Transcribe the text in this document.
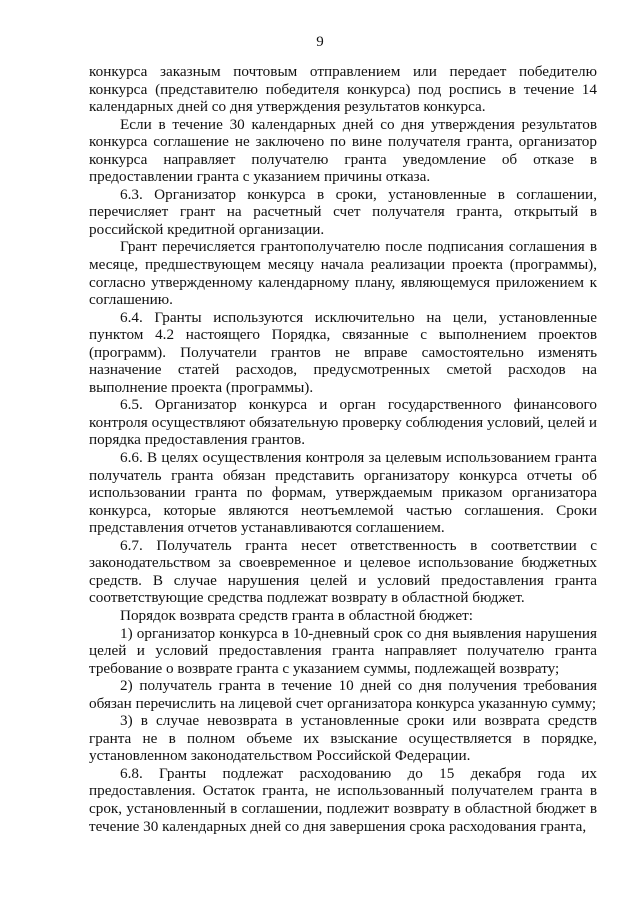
9

конкурса заказным почтовым отправлением или передает победителю конкурса (представителю победителя конкурса) под роспись в течение 14 календарных дней со дня утверждения результатов конкурса.

Если в течение 30 календарных дней со дня утверждения результатов конкурса соглашение не заключено по вине получателя гранта, организатор конкурса направляет получателю гранта уведомление об отказе в предоставлении гранта с указанием причины отказа.

6.3. Организатор конкурса в сроки, установленные в соглашении, перечисляет грант на расчетный счет получателя гранта, открытый в российской кредитной организации.

Грант перечисляется грантополучателю после подписания соглашения в месяце, предшествующем месяцу начала реализации проекта (программы), согласно утвержденному календарному плану, являющемуся приложением к соглашению.

6.4. Гранты используются исключительно на цели, установленные пунктом 4.2 настоящего Порядка, связанные с выполнением проектов (программ). Получатели грантов не вправе самостоятельно изменять назначение статей расходов, предусмотренных сметой расходов на выполнение проекта (программы).

6.5. Организатор конкурса и орган государственного финансового контроля осуществляют обязательную проверку соблюдения условий, целей и порядка предоставления грантов.

6.6. В целях осуществления контроля за целевым использованием гранта получатель гранта обязан представить организатору конкурса отчеты об использовании гранта по формам, утверждаемым приказом организатора конкурса, которые являются неотъемлемой частью соглашения. Сроки представления отчетов устанавливаются соглашением.

6.7. Получатель гранта несет ответственность в соответствии с законодательством за своевременное и целевое использование бюджетных средств. В случае нарушения целей и условий предоставления гранта соответствующие средства подлежат возврату в областной бюджет.

Порядок возврата средств гранта в областной бюджет:

1) организатор конкурса в 10-дневный срок со дня выявления нарушения целей и условий предоставления гранта направляет получателю гранта требование о возврате гранта с указанием суммы, подлежащей возврату;

2) получатель гранта в течение 10 дней со дня получения требования обязан перечислить на лицевой счет организатора конкурса указанную сумму;

3) в случае невозврата в установленные сроки или возврата средств гранта не в полном объеме их взыскание осуществляется в порядке, установленном законодательством Российской Федерации.

6.8. Гранты подлежат расходованию до 15 декабря года их предоставления. Остаток гранта, не использованный получателем гранта в срок, установленный в соглашении, подлежит возврату в областной бюджет в течение 30 календарных дней со дня завершения срока расходования гранта,
